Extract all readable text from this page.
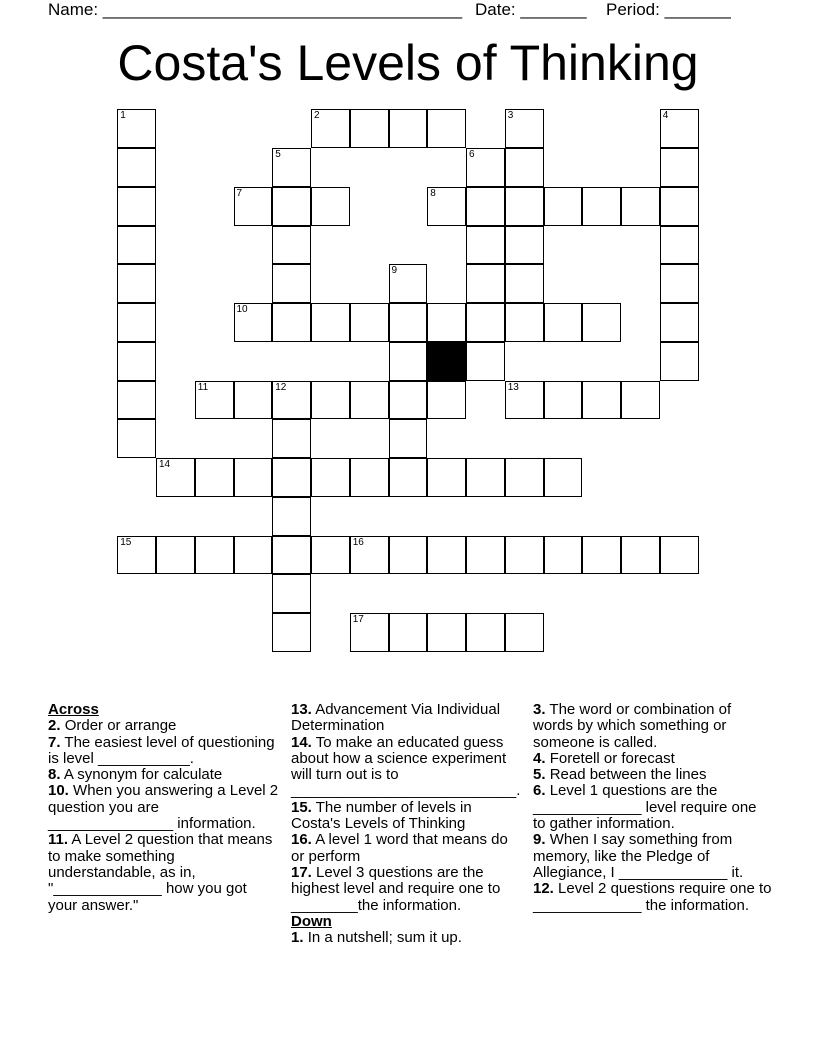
Name: ______________________________________ Date: _______ Period: _______
Costa's Levels of Thinking
2
7	8
10
11	12	13
14
15	16
17
1	3	4
5	6
9
Across
2. Order or arrange
7. The easiest level of questioning is level ___________.
8. A synonym for calculate
10. When you answering a Level 2 question you are _______________ information.
11. A Level 2 question that means to make something understandable, as in, "_____________ how you got your answer."
13. Advancement Via Individual Determination
14. To make an educated guess about how a science experiment will turn out is to ___________________________.
15. The number of levels in Costa's Levels of Thinking
16. A level 1 word that means do or perform
17. Level 3 questions are the highest level and require one to ________the information.
Down
1. In a nutshell; sum it up.
3. The word or combination of words by which something or someone is called.
4. Foretell or forecast
5. Read between the lines
6. Level 1 questions are the _____________ level require one to gather information.
9. When I say something from memory, like the Pledge of Allegiance, I _____________ it.
12. Level 2 questions require one to _____________ the information.
